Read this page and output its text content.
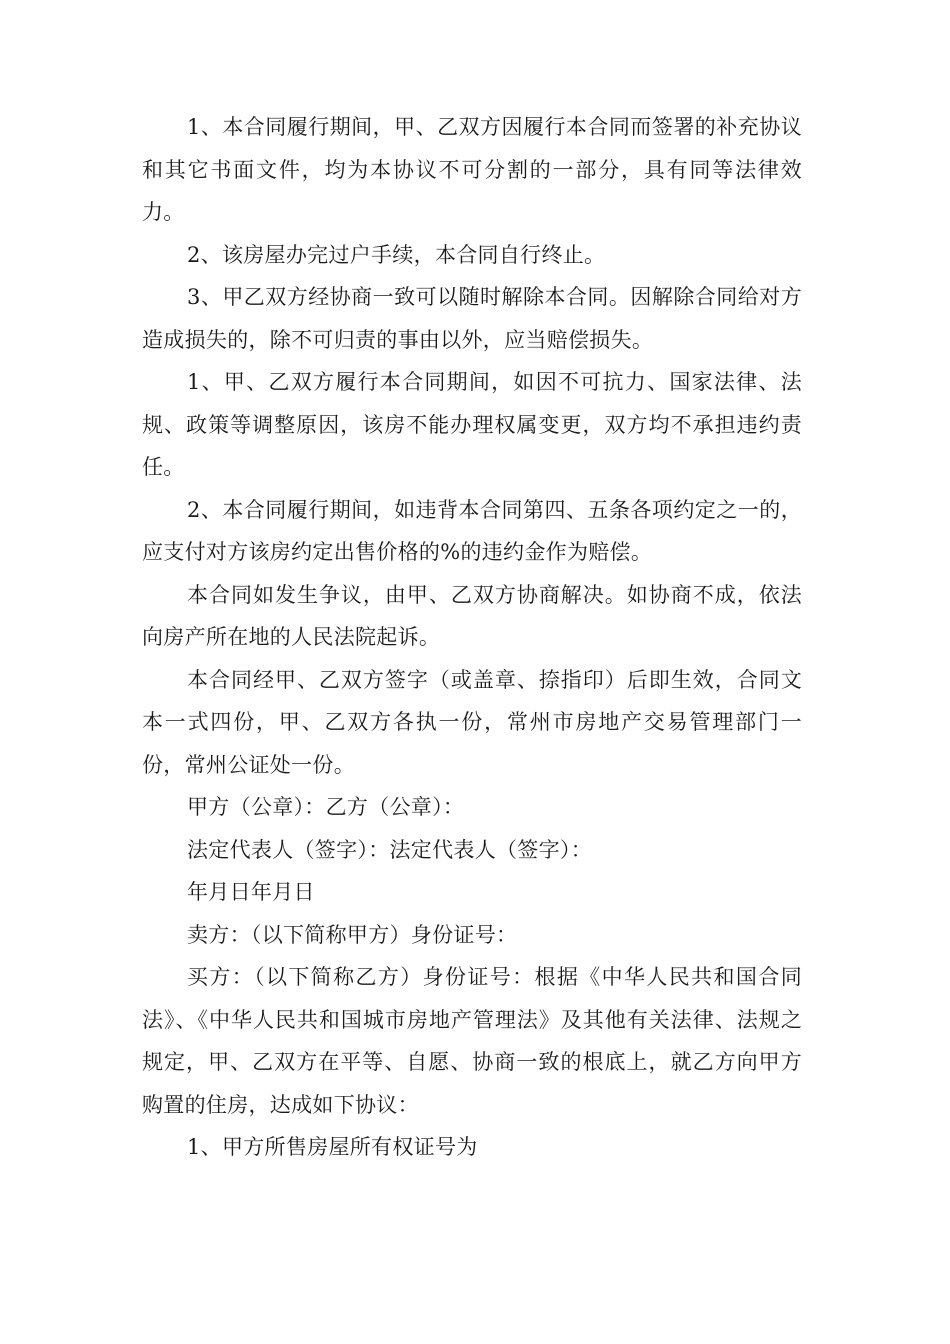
1、本合同履行期间，甲、乙双方因履行本合同而签署的补充协议和其它书面文件，均为本协议不可分割的一部分，具有同等法律效力。

2、该房屋办完过户手续，本合同自行终止。

3、甲乙双方经协商一致可以随时解除本合同。因解除合同给对方造成损失的，除不可归责的事由以外，应当赔偿损失。

1、甲、乙双方履行本合同期间，如因不可抗力、国家法律、法规、政策等调整原因，该房不能办理权属变更，双方均不承担违约责任。

2、本合同履行期间，如违背本合同第四、五条各项约定之一的，应支付对方该房约定出售价格的%的违约金作为赔偿。

本合同如发生争议，由甲、乙双方协商解决。如协商不成，依法向房产所在地的人民法院起诉。

本合同经甲、乙双方签字（或盖章、捺指印）后即生效，合同文本一式四份，甲、乙双方各执一份，常州市房地产交易管理部门一份，常州公证处一份。

甲方（公章）：乙方（公章）：

法定代表人（签字）：法定代表人（签字）：

年月日年月日

卖方：（以下简称甲方）身份证号：

买方：（以下简称乙方）身份证号：根据《中华人民共和国合同法》、《中华人民共和国城市房地产管理法》及其他有关法律、法规之规定，甲、乙双方在平等、自愿、协商一致的根底上，就乙方向甲方购置的住房，达成如下协议：

1、甲方所售房屋所有权证号为
